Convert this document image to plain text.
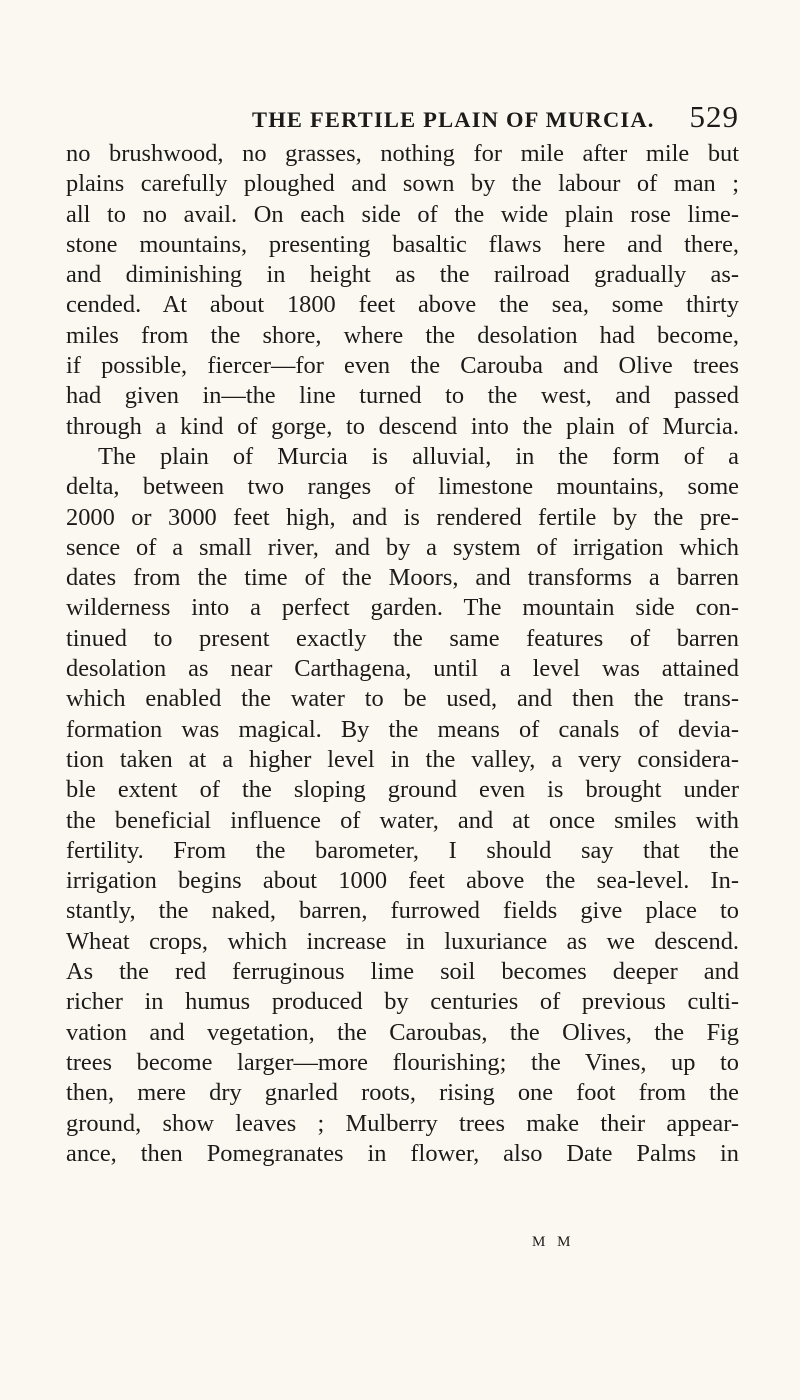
THE FERTILE PLAIN OF MURCIA. 529
no brushwood, no grasses, nothing for mile after mile but
plains carefully ploughed and sown by the labour of man ;
all to no avail. On each side of the wide plain rose lime-
stone mountains, presenting basaltic flaws here and there,
and diminishing in height as the railroad gradually as-
cended. At about 1800 feet above the sea, some thirty
miles from the shore, where the desolation had become,
if possible, fiercer—for even the Carouba and Olive trees
had given in—the line turned to the west, and passed
through a kind of gorge, to descend into the plain of Murcia.
The plain of Murcia is alluvial, in the form of a
delta, between two ranges of limestone mountains, some
2000 or 3000 feet high, and is rendered fertile by the pre-
sence of a small river, and by a system of irrigation which
dates from the time of the Moors, and transforms a barren
wilderness into a perfect garden. The mountain side con-
tinued to present exactly the same features of barren
desolation as near Carthagena, until a level was attained
which enabled the water to be used, and then the trans-
formation was magical. By the means of canals of devia-
tion taken at a higher level in the valley, a very considera-
ble extent of the sloping ground even is brought under
the beneficial influence of water, and at once smiles with
fertility. From the barometer, I should say that the
irrigation begins about 1000 feet above the sea-level. In-
stantly, the naked, barren, furrowed fields give place to
Wheat crops, which increase in luxuriance as we descend.
As the red ferruginous lime soil becomes deeper and
richer in humus produced by centuries of previous culti-
vation and vegetation, the Caroubas, the Olives, the Fig
trees become larger—more flourishing; the Vines, up to
then, mere dry gnarled roots, rising one foot from the
ground, show leaves ; Mulberry trees make their appear-
ance, then Pomegranates in flower, also Date Palms in
M M
